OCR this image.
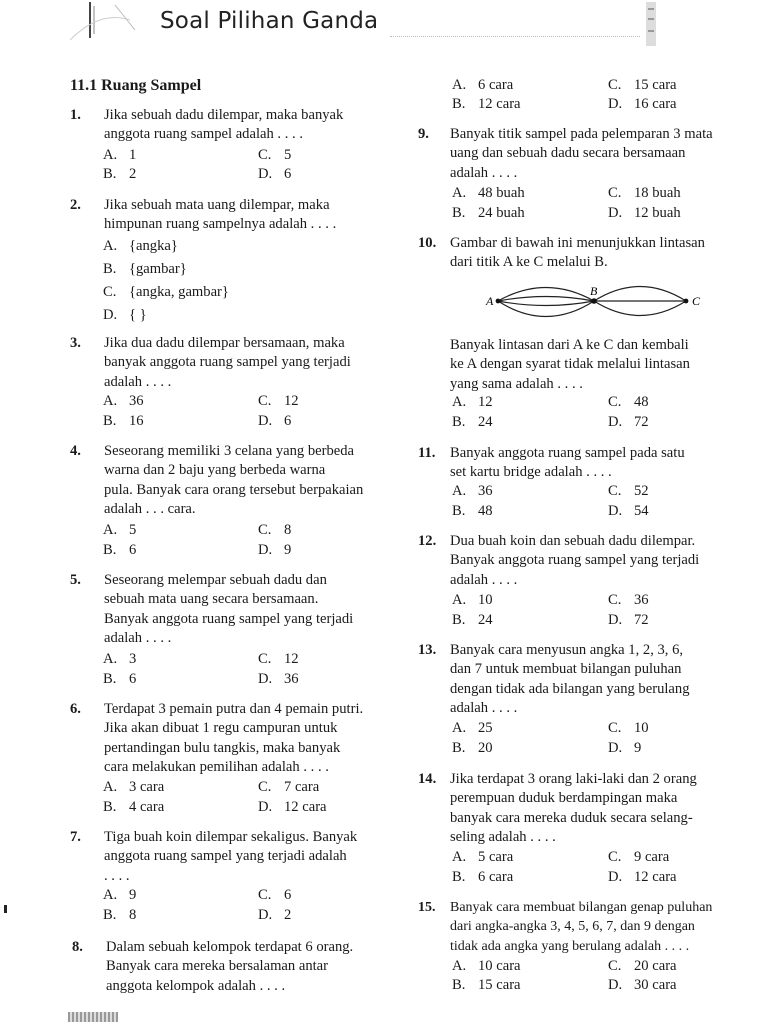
Soal Pilihan Ganda
11.1 Ruang Sampel
1. Jika sebuah dadu dilempar, maka banyak
anggota ruang sampel adalah . . . .
A. 1	C. 5
B. 2	D. 6
2. Jika sebuah mata uang dilempar, maka
himpunan ruang sampelnya adalah . . . .
A. {angka}
B. {gambar}
C. {angka, gambar}
D. { }
3. Jika dua dadu dilempar bersamaan, maka
banyak anggota ruang sampel yang terjadi
adalah . . . .
A. 36	C. 12
B. 16	D. 6
4. Seseorang memiliki 3 celana yang berbeda
warna dan 2 baju yang berbeda warna
pula. Banyak cara orang tersebut berpakaian
adalah . . . cara.
A. 5	C. 8
B. 6	D. 9
5. Seseorang melempar sebuah dadu dan
sebuah mata uang secara bersamaan.
Banyak anggota ruang sampel yang terjadi
adalah . . . .
A. 3	C. 12
B. 6	D. 36
6. Terdapat 3 pemain putra dan 4 pemain putri.
Jika akan dibuat 1 regu campuran untuk
pertandingan bulu tangkis, maka banyak
cara melakukan pemilihan adalah . . . .
A. 3 cara	C. 7 cara
B. 4 cara	D. 12 cara
7. Tiga buah koin dilempar sekaligus. Banyak
anggota ruang sampel yang terjadi adalah
. . . .
A. 9	C. 6
B. 8	D. 2
8. Dalam sebuah kelompok terdapat 6 orang.
Banyak cara mereka bersalaman antar
anggota kelompok adalah . . . .
A. 6 cara	C. 15 cara
B. 12 cara	D. 16 cara
9. Banyak titik sampel pada pelemparan 3 mata
uang dan sebuah dadu secara bersamaan
adalah . . . .
A. 48 buah	C. 18 buah
B. 24 buah	D. 12 buah
10. Gambar di bawah ini menunjukkan lintasan
dari titik A ke C melalui B.
A
B
C
Banyak lintasan dari A ke C dan kembali
ke A dengan syarat tidak melalui lintasan
yang sama adalah . . . .
A. 12	C. 48
B. 24	D. 72
11. Banyak anggota ruang sampel pada satu
set kartu bridge adalah . . . .
A. 36	C. 52
B. 48	D. 54
12. Dua buah koin dan sebuah dadu dilempar.
Banyak anggota ruang sampel yang terjadi
adalah . . . .
A. 10	C. 36
B. 24	D. 72
13. Banyak cara menyusun angka 1, 2, 3, 6,
dan 7 untuk membuat bilangan puluhan
dengan tidak ada bilangan yang berulang
adalah . . . .
A. 25	C. 10
B. 20	D. 9
14. Jika terdapat 3 orang laki-laki dan 2 orang
perempuan duduk berdampingan maka
banyak cara mereka duduk secara selang-
seling adalah . . . .
A. 5 cara	C. 9 cara
B. 6 cara	D. 12 cara
15. Banyak cara membuat bilangan genap puluhan
dari angka-angka 3, 4, 5, 6, 7, dan 9 dengan
tidak ada angka yang berulang adalah . . . .
A. 10 cara	C. 20 cara
B. 15 cara	D. 30 cara
